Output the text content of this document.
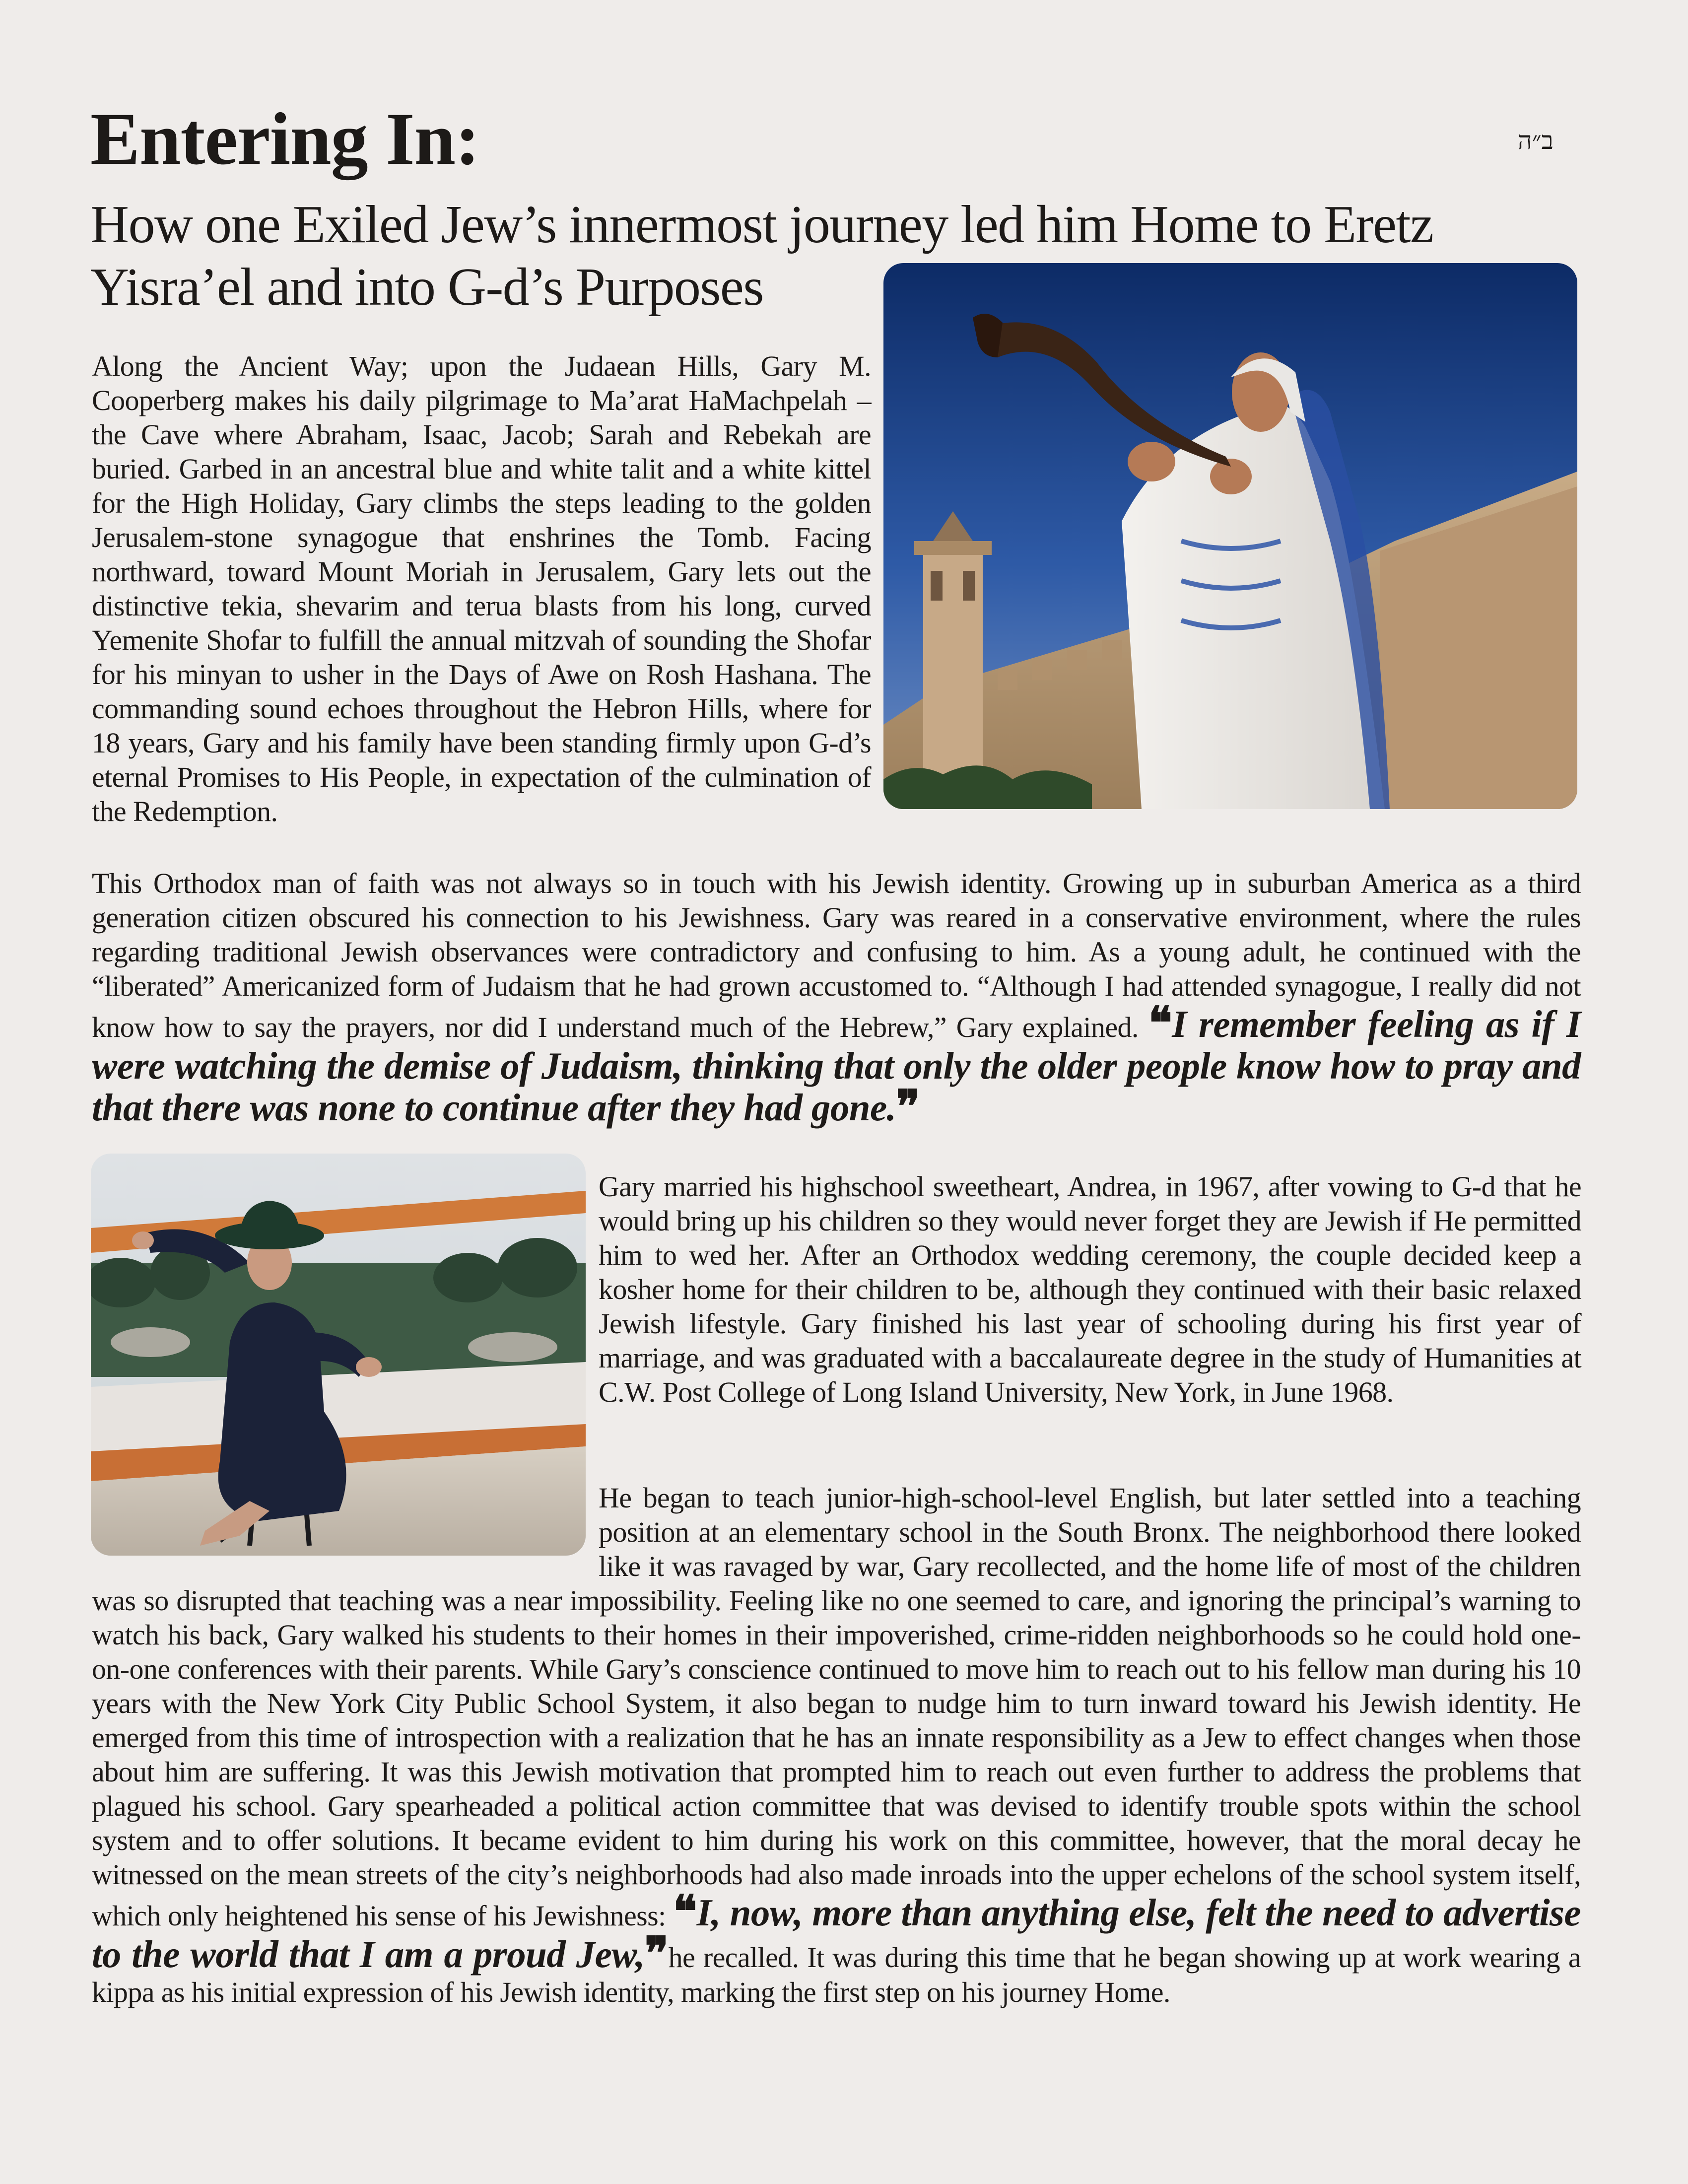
Entering In:	ב״ה
How one Exiled Jew’s innermost journey led him Home to Eretz Yisra’el and into G-d’s Purposes

Along the Ancient Way; upon the Judaean Hills, Gary M. Cooperberg makes his daily pilgrimage to Ma’arat HaMachpelah – the Cave where Abraham, Isaac, Jacob; Sarah and Rebekah are buried. Garbed in an ancestral blue and white talit and a white kittel for the High Holiday, Gary climbs the steps leading to the golden Jerusalem-stone synagogue that enshrines the Tomb. Facing northward, toward Mount Moriah in Jerusalem, Gary lets out the distinctive tekia, shevarim and terua blasts from his long, curved Yemenite Shofar to fulfill the annual mitzvah of sounding the Shofar for his minyan to usher in the Days of Awe on Rosh Hashana. The commanding sound echoes throughout the Hebron Hills, where for 18 years, Gary and his family have been standing firmly upon G-d’s eternal Promises to His People, in expectation of the culmination of the Redemption.

This Orthodox man of faith was not always so in touch with his Jewish identity. Growing up in suburban America as a third generation citizen obscured his connection to his Jewishness. Gary was reared in a conservative environment, where the rules regarding traditional Jewish observances were contradictory and confusing to him. As a young adult, he continued with the “liberated” Americanized form of Judaism that he had grown accustomed to. “Although I had attended synagogue, I really did not know how to say the prayers, nor did I understand much of the Hebrew,” Gary explained. ❝I remember feeling as if I were watching the demise of Judaism, thinking that only the older people know how to pray and that there was none to continue after they had gone.❞

Gary married his highschool sweetheart, Andrea, in 1967, after vowing to G-d that he would bring up his children so they would never forget they are Jewish if He permitted him to wed her. After an Orthodox wedding ceremony, the couple decided keep a kosher home for their children to be, although they continued with their basic relaxed Jewish lifestyle. Gary finished his last year of schooling during his first year of marriage, and was graduated with a baccalaureate degree in the study of Humanities at C.W. Post College of Long Island University, New York, in June 1968.

He began to teach junior-high-school-level English, but later settled into a teaching position at an elementary school in the South Bronx. The neighborhood there looked like it was ravaged by war, Gary recollected, and the home life of most of the children was so disrupted that teaching was a near impossibility. Feeling like no one seemed to care, and ignoring the principal’s warning to watch his back, Gary walked his students to their homes in their impoverished, crime-ridden neighborhoods so he could hold one-on-one conferences with their parents. While Gary’s conscience continued to move him to reach out to his fellow man during his 10 years with the New York City Public School System, it also began to nudge him to turn inward toward his Jewish identity. He emerged from this time of introspection with a realization that he has an innate responsibility as a Jew to effect changes when those about him are suffering. It was this Jewish motivation that prompted him to reach out even further to address the problems that plagued his school. Gary spearheaded a political action committee that was devised to identify trouble spots within the school system and to offer solutions. It became evident to him during his work on this committee, however, that the moral decay he witnessed on the mean streets of the city’s neighborhoods had also made inroads into the upper echelons of the school system itself, which only heightened his sense of his Jewishness: ❝I, now, more than anything else, felt the need to advertise to the world that I am a proud Jew,❞he recalled. It was during this time that he began showing up at work wearing a kippa as his initial expression of his Jewish identity, marking the first step on his journey Home.
